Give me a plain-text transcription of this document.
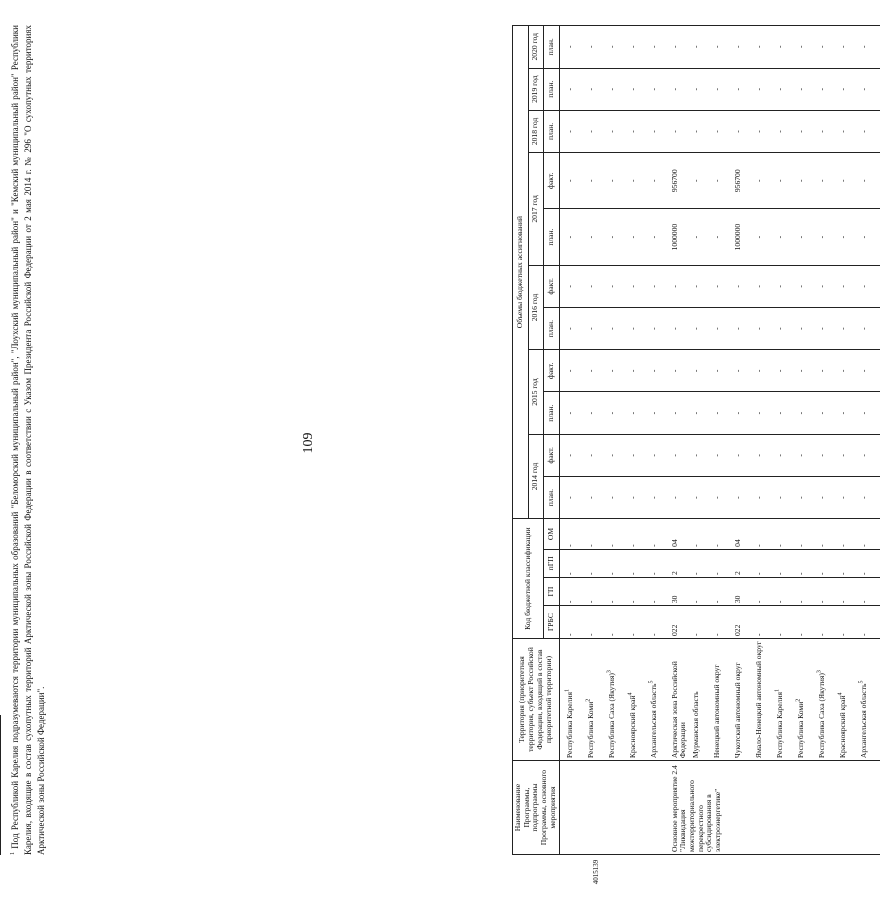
109
4015139
$^1$ Под Республикой Карелия подразумеваются территории муниципальных образований "Беломорский муниципальный район", "Лоухский муниципальный район" и "Кемский муниципальный район" Республики Карелия, входящие в состав сухопутных территорий Арктической зоны Российской Федерации в соответствии с Указом Президента Российской Федерации от 2 мая 2014 г. № 296 "О сухопутных территориях Арктической зоны Российской Федерации".	Наименование Программы, подпрограммы Программы, основного мероприятия	Территория (приоритетная территория, субъект Российской Федерации, входящий в состав приоритетной территории)	Код бюджетной классификации				Объемы бюджетных ассигнований										
						2014 год		2015 год		2016 год		2017 год		2018 год	2019 год	2020 год
		ГРБС	ГП	пГП	ОМ	план.	факт.	план.	факт.	план.	факт.	план.	факт.	план.	план.	план.
	Республика Карелия$^1$	-	-	-	-	-	-	-	-	-	-	-	-	-	-	-
	Республика Коми$^2$	-	-	-	-	-	-	-	-	-	-	-	-	-	-	-
	Республика Саха (Якутия)$^3$	-	-	-	-	-	-	-	-	-	-	-	-	-	-	-
	Красноярский край$^4$	-	-	-	-	-	-	-	-	-	-	-	-	-	-	-
	Архангельская область$^5$	-	-	-	-	-	-	-	-	-	-	-	-	-	-	-
Основное мероприятие 2.4 "Ликвидация межтерриториального перекрестного субсидирования в электроэнергетике"	Арктическая зона Российской Федерации	022	30	2	04	-	-	-	-	-	-	1000000	956700	-	-	-
	Мурманская область	-	-	-	-	-	-	-	-	-	-	-	-	-	-	-
	Ненецкий автономный округ	-	-	-	-	-	-	-	-	-	-	-	-	-	-	-
	Чукотский автономный округ	022	30	2	04	-	-	-	-	-	-	1000000	956700	-	-	-
	Ямало-Ненецкий автономный округ	-	-	-	-	-	-	-	-	-	-	-	-	-	-	-
	Республика Карелия$^1$	-	-	-	-	-	-	-	-	-	-	-	-	-	-	-
	Республика Коми$^2$	-	-	-	-	-	-	-	-	-	-	-	-	-	-	-
	Республика Саха (Якутия)$^3$	-	-	-	-	-	-	-	-	-	-	-	-	-	-	-
	Красноярский край$^4$	-	-	-	-	-	-	-	-	-	-	-	-	-	-	-
	Архангельская область$^5$	-	-	-	-	-	-	-	-	-	-	-	-	-	-	-
